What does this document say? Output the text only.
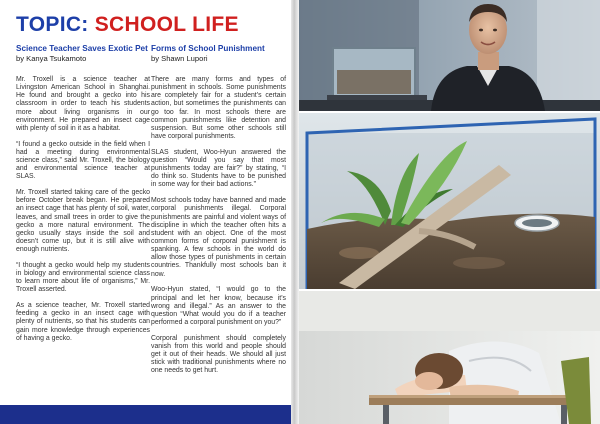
TOPIC: SCHOOL LIFE
Science Teacher Saves Exotic Pet
by Kanya Tsukamoto

Mr. Troxell is a science teacher at Livingston American School in Shanghai. He found and brought a gecko into his classroom in order to teach his students more about living organisms in our environment. He prepared an insect cage with plenty of soil in it as a habitat.

“I found a gecko outside in the field when I had a meeting during environmental science class,” said Mr. Troxell, the biology and environmental science teacher at SLAS.

Mr. Troxell started taking care of the gecko before October break began. He prepared an insect cage that has plenty of soil, water, leaves, and small trees in order to give the gecko a more natural environment. The gecko usually stays inside the soil and doesn’t come up, but it is still alive with enough nutrients.

“I thought a gecko would help my students in biology and environmental science class to learn more about life of organisms,” Mr. Troxell asserted.

As a science teacher, Mr. Troxell started feeding a gecko in an insect cage with plenty of nutrients, so that his students can gain more knowledge through experiences of having a gecko.

Forms of School Punishment
by Shawn Lupori

There are many forms and types of punishment in schools. Some punishments are completely fair for a student’s certain action, but sometimes the punishments can go too far. In most schools there are common punishments like detention and suspension. But some other schools still have corporal punishments.

SLAS student, Woo-Hyun answered the question “Would you say that most punishments today are fair?” by stating, “I do think so. Students have to be punished in some way for their bad actions.”

Most schools today have banned and made corporal punishments illegal. Corporal punishments are painful and violent ways of discipline in which the teacher often hits a student with an object. One of the most common forms of corporal punishment is spanking. A few schools in the world do allow those types of punishments in certain countries. Thankfully most schools ban it now.

Woo-Hyun stated, “I would go to the principal and let her know, because it’s wrong and illegal.” As an answer to the question “What would you do if a teacher performed a corporal punishment on you?”

Corporal punishment should completely vanish from this world and people should get it out of their heads. We should all just stick with traditional punishments where no one needs to get hurt.
